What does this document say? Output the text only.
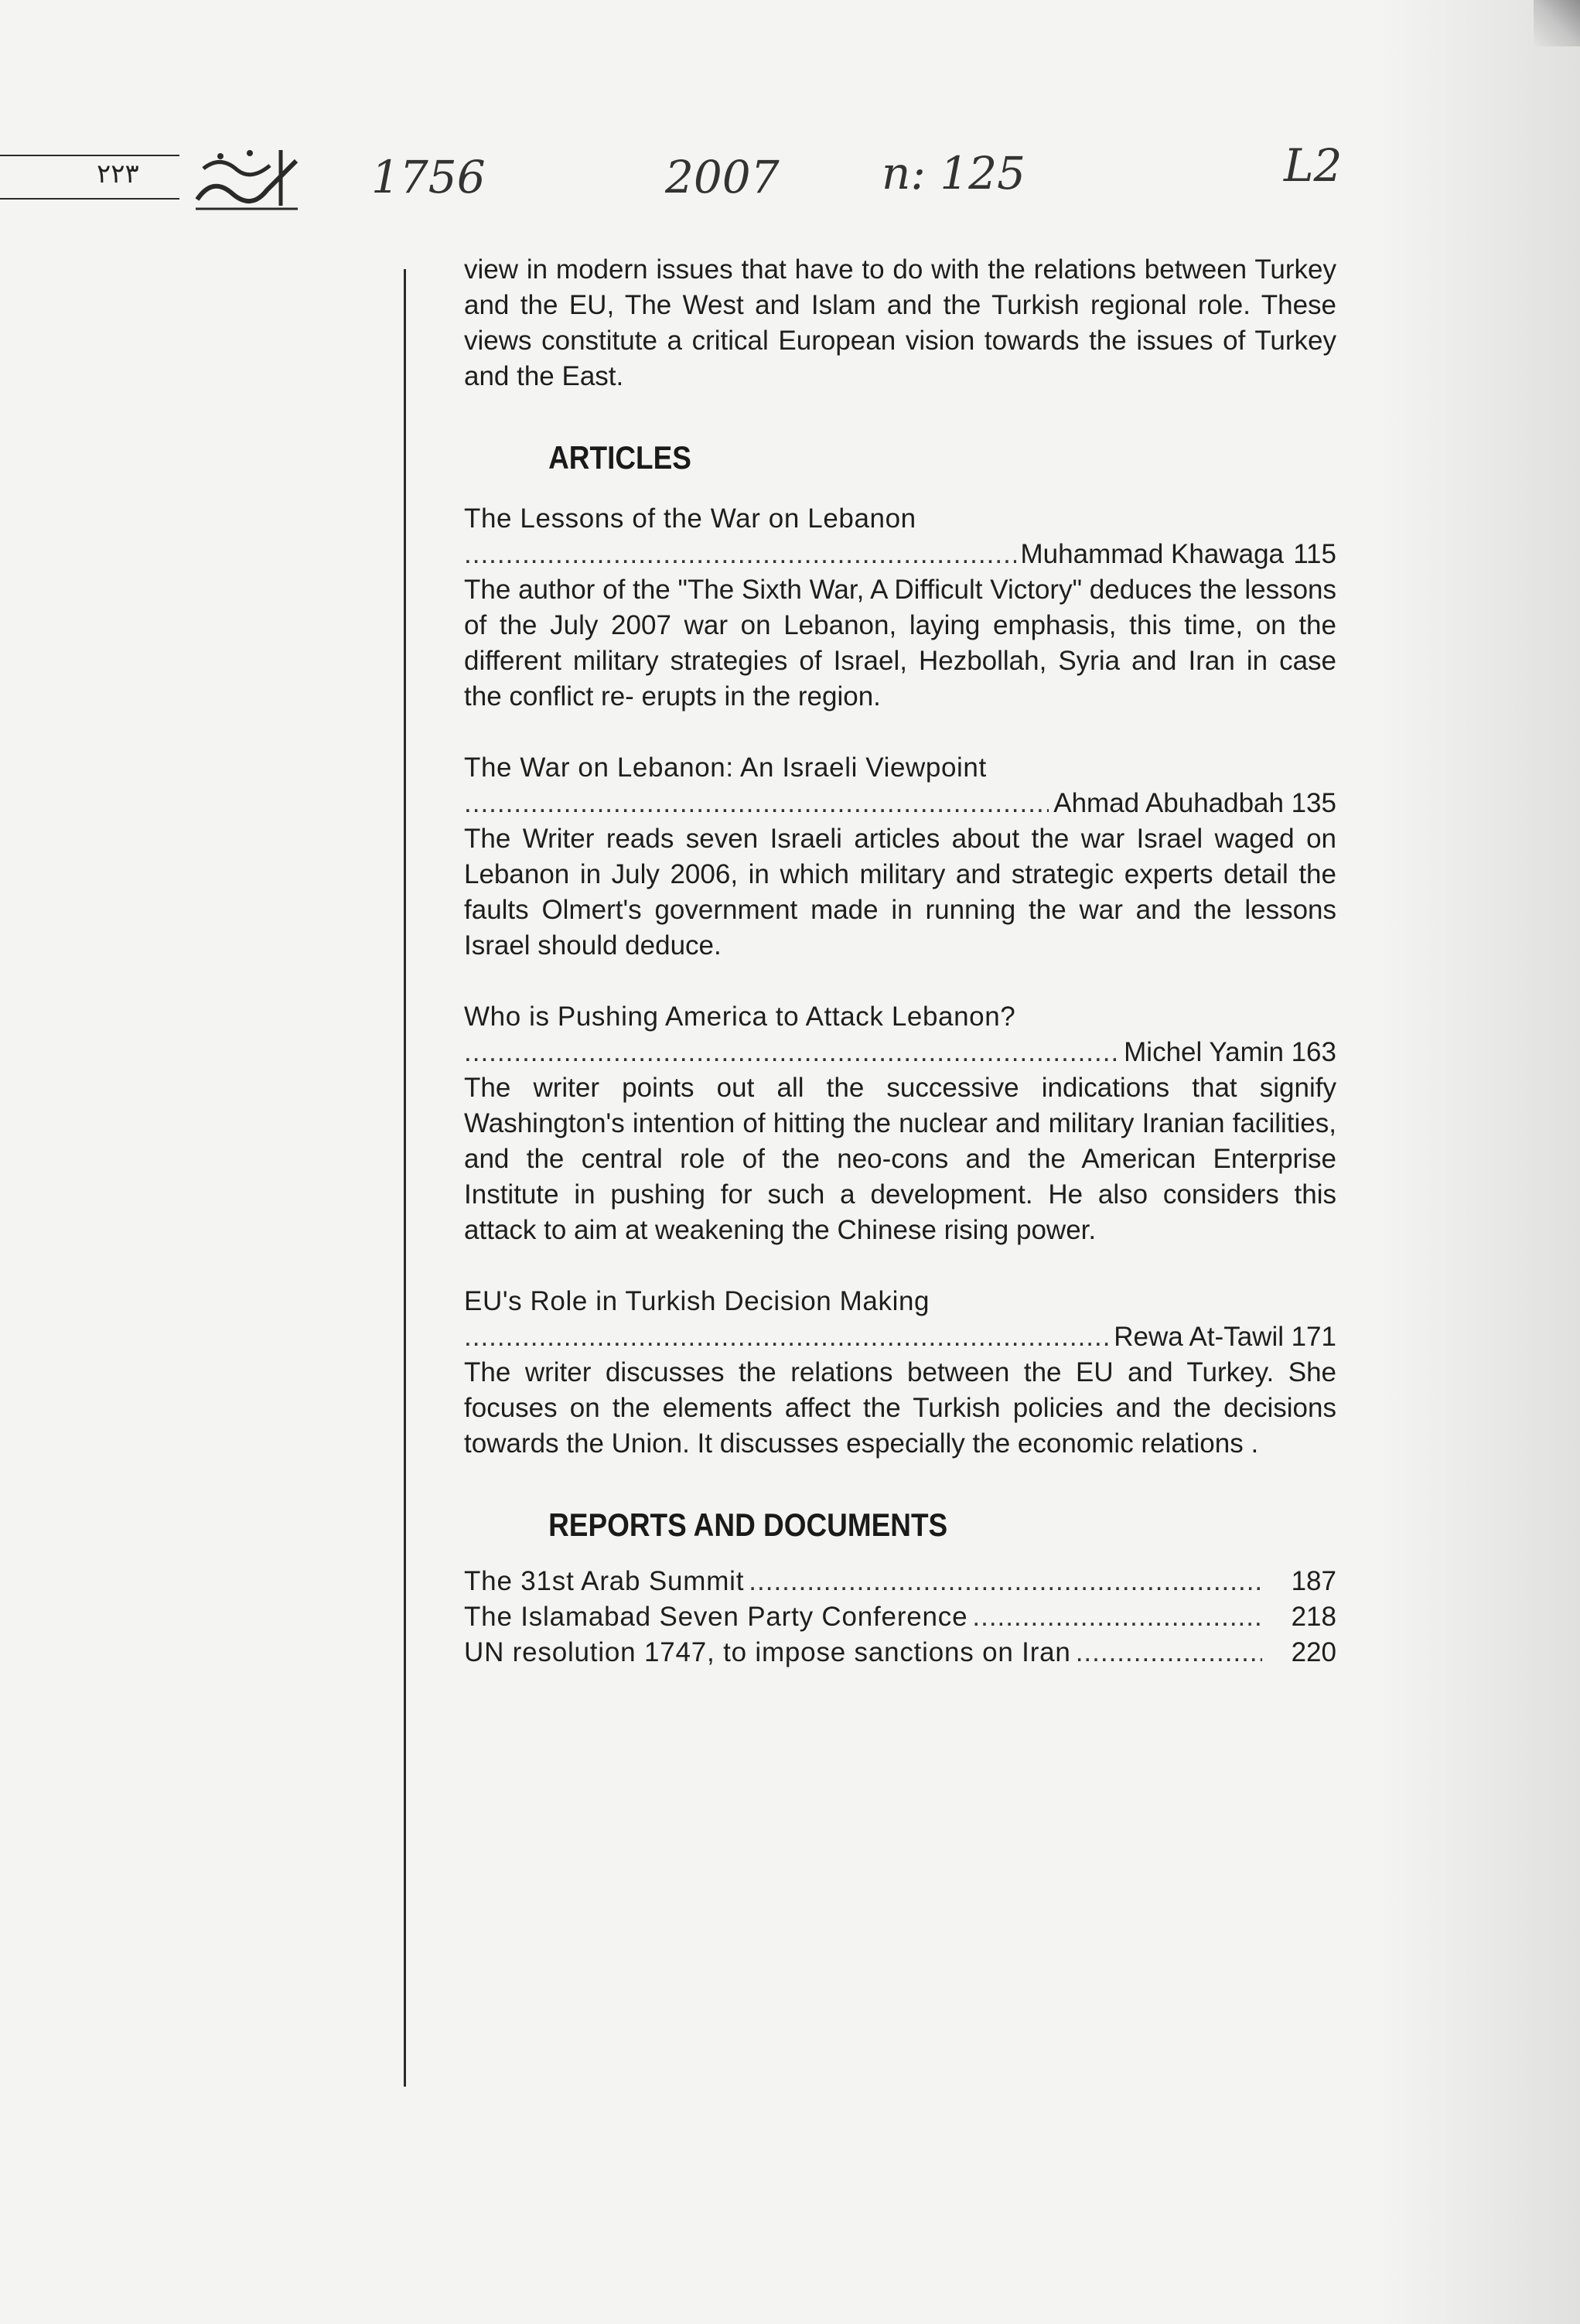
٢٢٣	1756	2007 n: 125	L2

view in modern issues that have to do with the relations between Turkey and the EU, The West and Islam and the Turkish regional role. These views constitute a critical European vision towards the issues of Turkey and the East.

ARTICLES

The Lessons of the War on Lebanon

.....
Muhammad Khawaga 115

The author of the "The Sixth War, A Difficult Victory" deduces the lessons of the July 2007 war on Lebanon, laying emphasis, this time, on the different military strategies of Israel, Hezbollah, Syria and Iran in case the conflict re- erupts in the region.

The War on Lebanon: An Israeli Viewpoint

.....
Ahmad Abuhadbah 135

The Writer reads seven Israeli articles about the war Israel waged on Lebanon in July 2006, in which military and strategic experts detail the faults Olmert's government made in running the war and the lessons Israel should deduce.

Who is Pushing America to Attack Lebanon?

.....
Michel Yamin 163

The writer points out all the successive indications that signify Washington's intention of hitting the nuclear and military Iranian facilities, and the central role of the neo-cons and the American Enterprise Institute in pushing for such a development. He also considers this attack to aim at weakening the Chinese rising power.

EU's Role in Turkish Decision Making

.....
Rewa At-Tawil 171

The writer discusses the relations between the EU and Turkey. She focuses on the elements affect the Turkish policies and the decisions towards the Union. It discusses especially the economic relations .

REPORTS AND DOCUMENTS
The 31st Arab Summit .....	187
The Islamabad Seven Party Conference .....	218
UN resolution 1747, to impose sanctions on Iran .....	220
